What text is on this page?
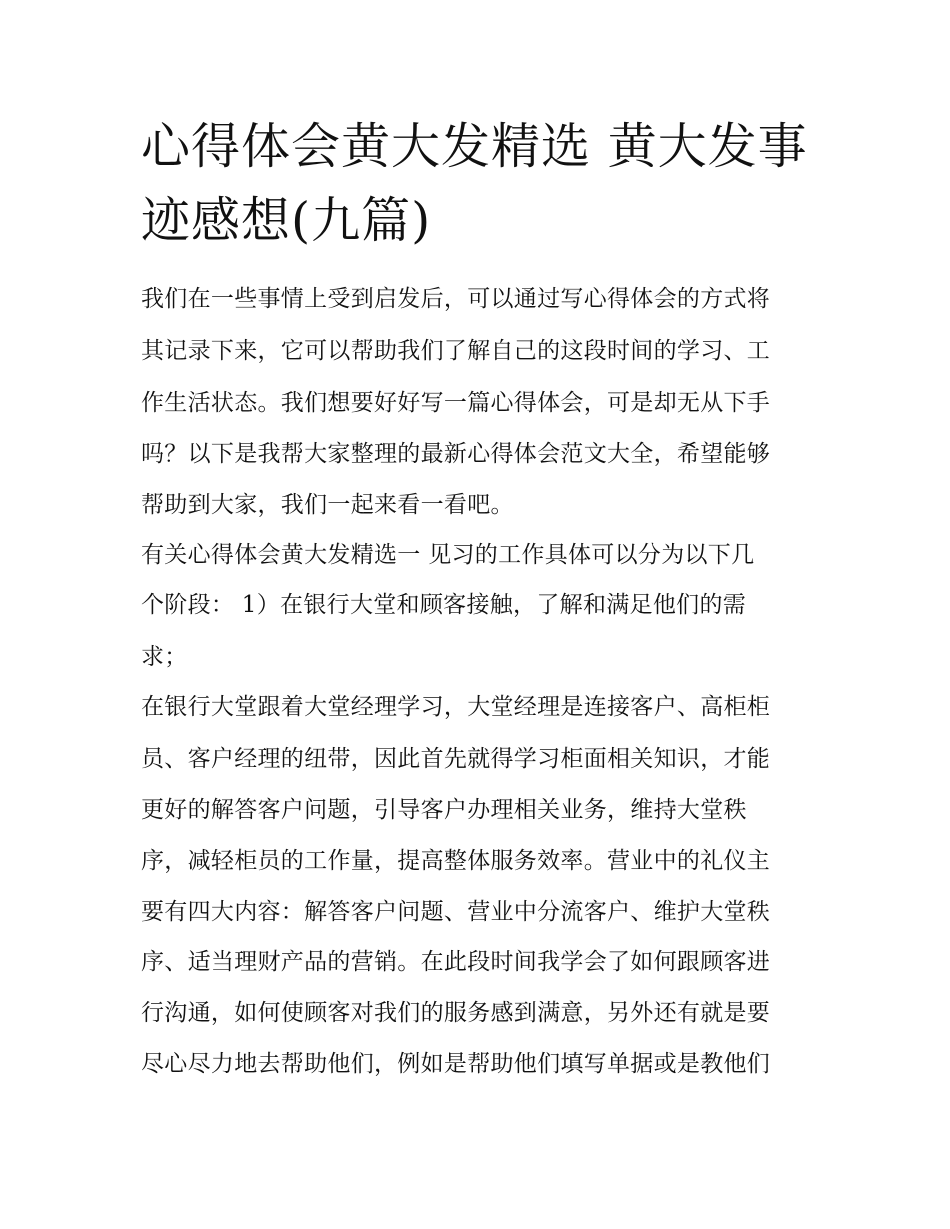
心得体会黄大发精选 黄大发事
迹感想(九篇)
我们在一些事情上受到启发后，可以通过写心得体会的方式将
其记录下来，它可以帮助我们了解自己的这段时间的学习、工
作生活状态。我们想要好好写一篇心得体会，可是却无从下手
吗？以下是我帮大家整理的最新心得体会范文大全，希望能够
帮助到大家，我们一起来看一看吧。
有关心得体会黄大发精选一 见习的工作具体可以分为以下几
个阶段： 1）在银行大堂和顾客接触，了解和满足他们的需
求；
在银行大堂跟着大堂经理学习，大堂经理是连接客户、高柜柜
员、客户经理的纽带，因此首先就得学习柜面相关知识，才能
更好的解答客户问题，引导客户办理相关业务，维持大堂秩
序，减轻柜员的工作量，提高整体服务效率。营业中的礼仪主
要有四大内容：解答客户问题、营业中分流客户、维护大堂秩
序、适当理财产品的营销。在此段时间我学会了如何跟顾客进
行沟通，如何使顾客对我们的服务感到满意，另外还有就是要
尽心尽力地去帮助他们，例如是帮助他们填写单据或是教他们
